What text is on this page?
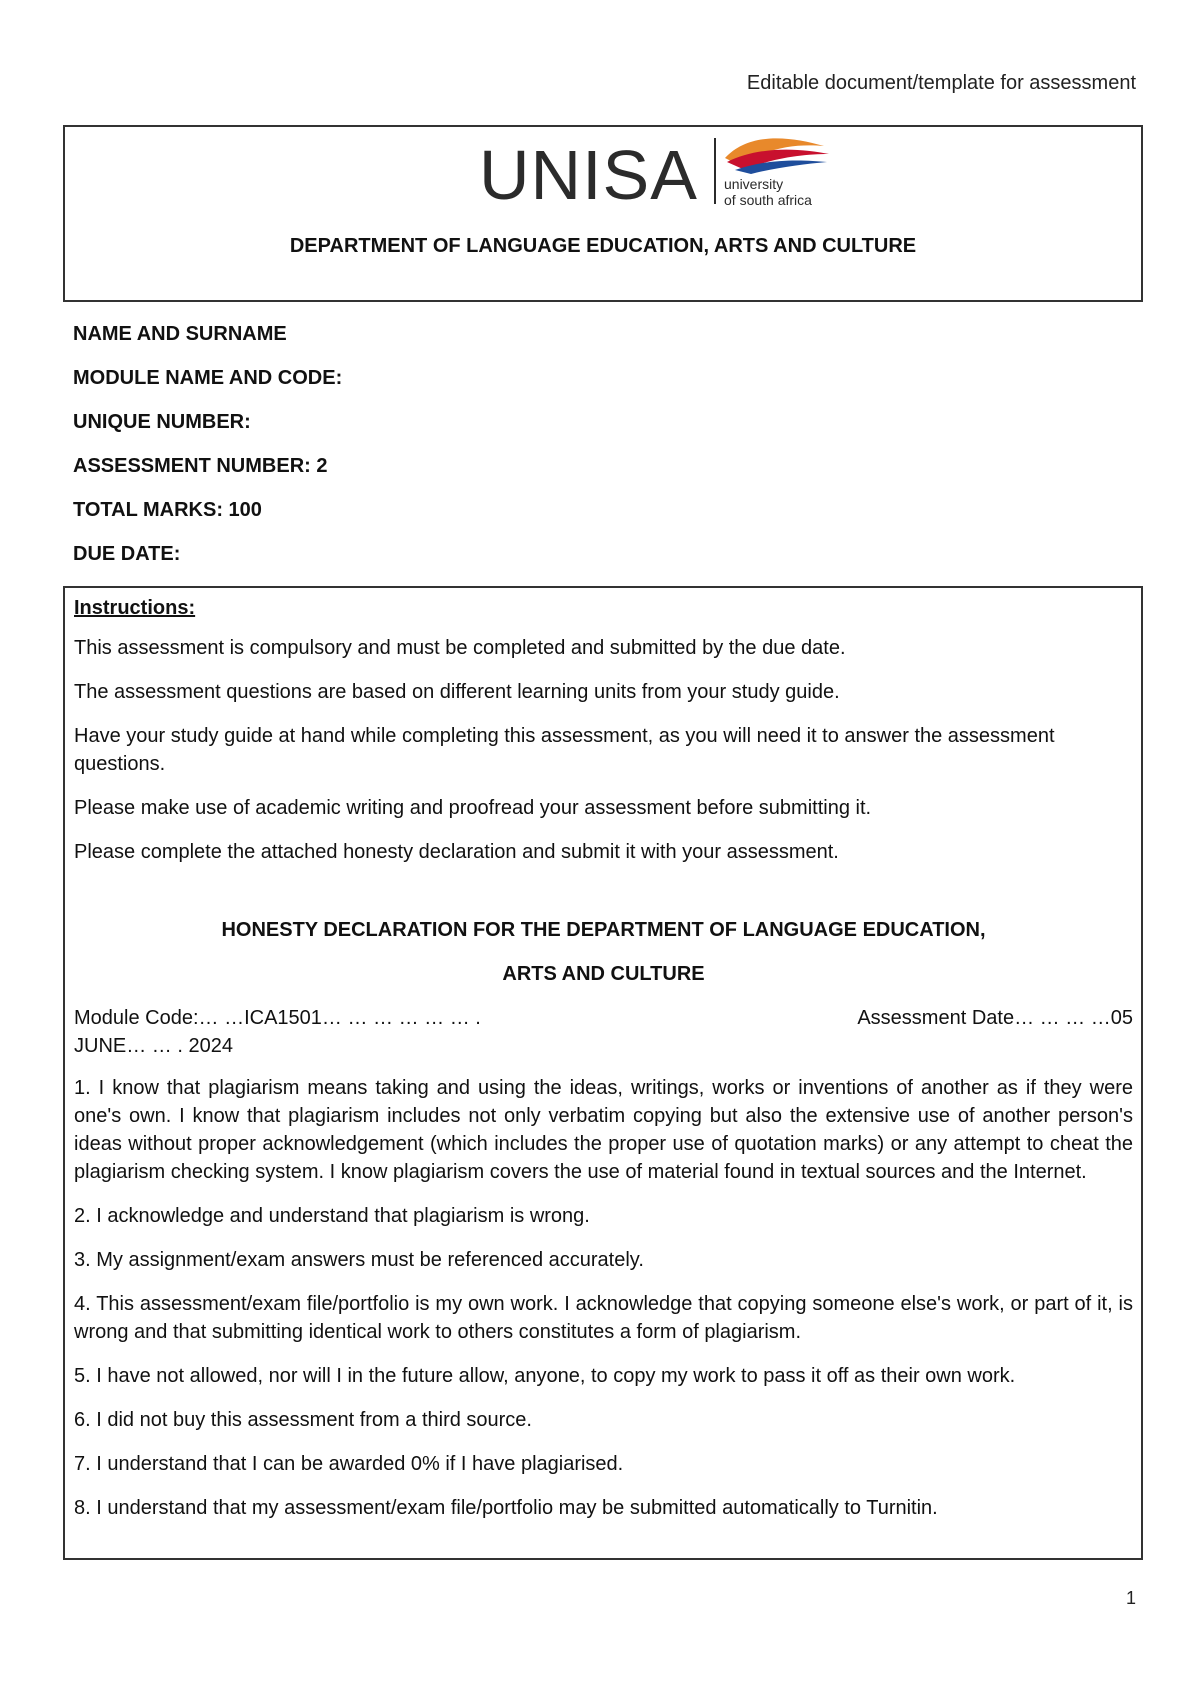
Editable document/template for assessment
UNISA university
of south africa
DEPARTMENT OF LANGUAGE EDUCATION, ARTS AND CULTURE
NAME AND SURNAME
MODULE NAME AND CODE:
UNIQUE NUMBER:
ASSESSMENT NUMBER: 2
TOTAL MARKS: 100
DUE DATE:

Instructions:

This assessment is compulsory and must be completed and submitted by the due date.

The assessment questions are based on different learning units from your study guide.

Have your study guide at hand while completing this assessment, as you will need it to answer the assessment questions.

Please make use of academic writing and proofread your assessment before submitting it.

Please complete the attached honesty declaration and submit it with your assessment.

HONESTY DECLARATION FOR THE DEPARTMENT OF LANGUAGE EDUCATION,

ARTS AND CULTURE

Module Code:… …ICA1501… … … … … … .	Assessment Date… … … …05
JUNE… … . 2024

1. I know that plagiarism means taking and using the ideas, writings, works or inventions of another as if they were one's own. I know that plagiarism includes not only verbatim copying but also the extensive use of another person's ideas without proper acknowledgement (which includes the proper use of quotation marks) or any attempt to cheat the plagiarism checking system. I know plagiarism covers the use of material found in textual sources and the Internet.

2. I acknowledge and understand that plagiarism is wrong.

3. My assignment/exam answers must be referenced accurately.

4. This assessment/exam file/portfolio is my own work. I acknowledge that copying someone else's work, or part of it, is wrong and that submitting identical work to others constitutes a form of plagiarism.

5. I have not allowed, nor will I in the future allow, anyone, to copy my work to pass it off as their own work.

6. I did not buy this assessment from a third source.

7. I understand that I can be awarded 0% if I have plagiarised.

8. I understand that my assessment/exam file/portfolio may be submitted automatically to Turnitin.

1
